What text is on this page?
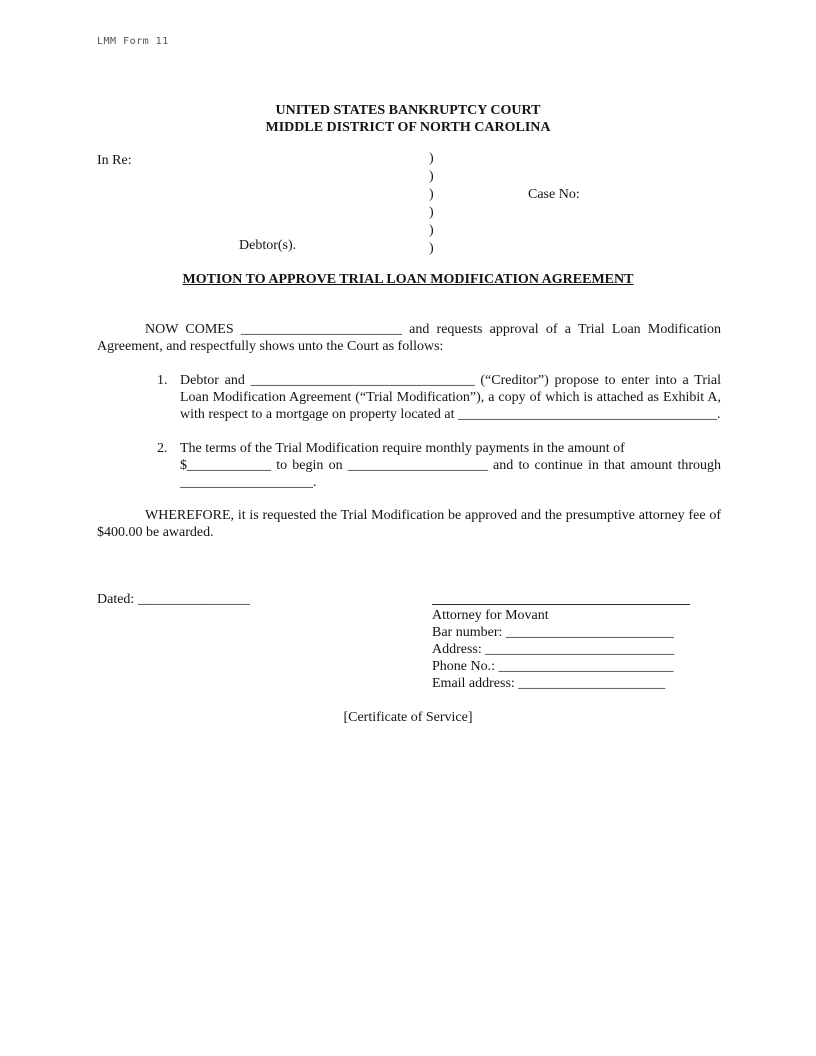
LMM Form 11
UNITED STATES BANKRUPTCY COURT
MIDDLE DISTRICT OF NORTH CAROLINA
In Re:	)
)
)
)
)
)
Case No:
Debtor(s).
MOTION TO APPROVE TRIAL LOAN MODIFICATION AGREEMENT

NOW COMES _______________________ and requests approval of a Trial Loan Modification Agreement, and respectfully shows unto the Court as follows:

1. Debtor and ________________________________ (“Creditor”) propose to enter into a Trial Loan Modification Agreement (“Trial Modification”), a copy of which is attached as Exhibit A, with respect to a mortgage on property located at _____________________________________.
2. The terms of the Trial Modification require monthly payments in the amount of
$____________ to begin on ____________________ and to continue in that amount through ___________________.

WHEREFORE, it is requested the Trial Modification be approved and the presumptive attorney fee of $400.00 be awarded.

Dated: ________________
Attorney for Movant
Bar number: ________________________
Address: ___________________________
Phone No.: _________________________
Email address: _____________________
[Certificate of Service]
